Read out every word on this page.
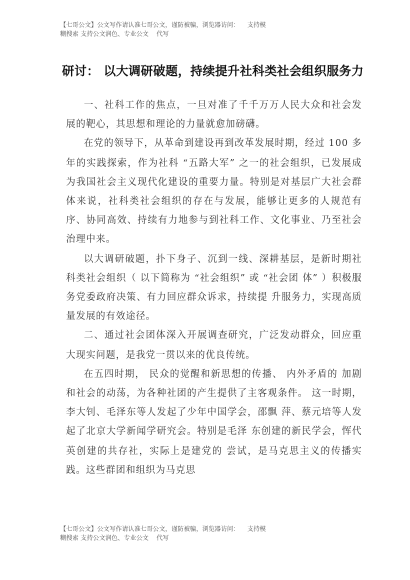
【七哥公文】公文写作请认准七哥公文，谨防被骗，浏览器访问：    支持模
糊搜索 支持公文润色、专业公文    代写
研讨： 以大调研破题，持续提升社科类社会组织服务力

一、社科工作的焦点，一旦对准了千千万万人民大众和社会发展的靶心，其思想和理论的力量就愈加磅礴。

在党的领导下，从革命到建设再到改革发展时期，经过 100 多年的实践探索，作为社科 “五路大军” 之一的社会组织，已发展成为我国社会主义现代化建设的重要力量。特别是对基层广大社会群体来说，社科类社会组织的存在与发展，能够让更多的人规范有序、协同高效、持续有力地参与到社科工作、文化事业、乃至社会治理中来。

以大调研破题，扑下身子、沉到一线、深耕基层，是新时期社科类社会组织（ 以下简称为 “社会组织” 或 “社会团 体” ）积极服务党委政府决策、有力回应群众诉求，持续提 升服务力，实现高质量发展的有效途径。

二、通过社会团体深入开展调查研究，广泛发动群众，回应重大现实问题，是我党一贯以来的优良传统。

在五四时期， 民众的觉醒和新思想的传播、 内外矛盾的 加剧和社会的动荡，为各种社团的产生提供了主客观条件。 这一时期，李大钊、毛泽东等人发起了少年中国学会，邵飘 萍、蔡元培等人发起了北京大学新闻学研究会。特别是毛泽 东创建的新民学会，恽代英创建的共存社，实际上是建党的 尝试，是马克思主义的传播实践。这些群团和组织为马克思

【七哥公文】公文写作请认准七哥公文，谨防被骗，浏览器访问：    支持模
糊搜索 支持公文润色、专业公文    代写
